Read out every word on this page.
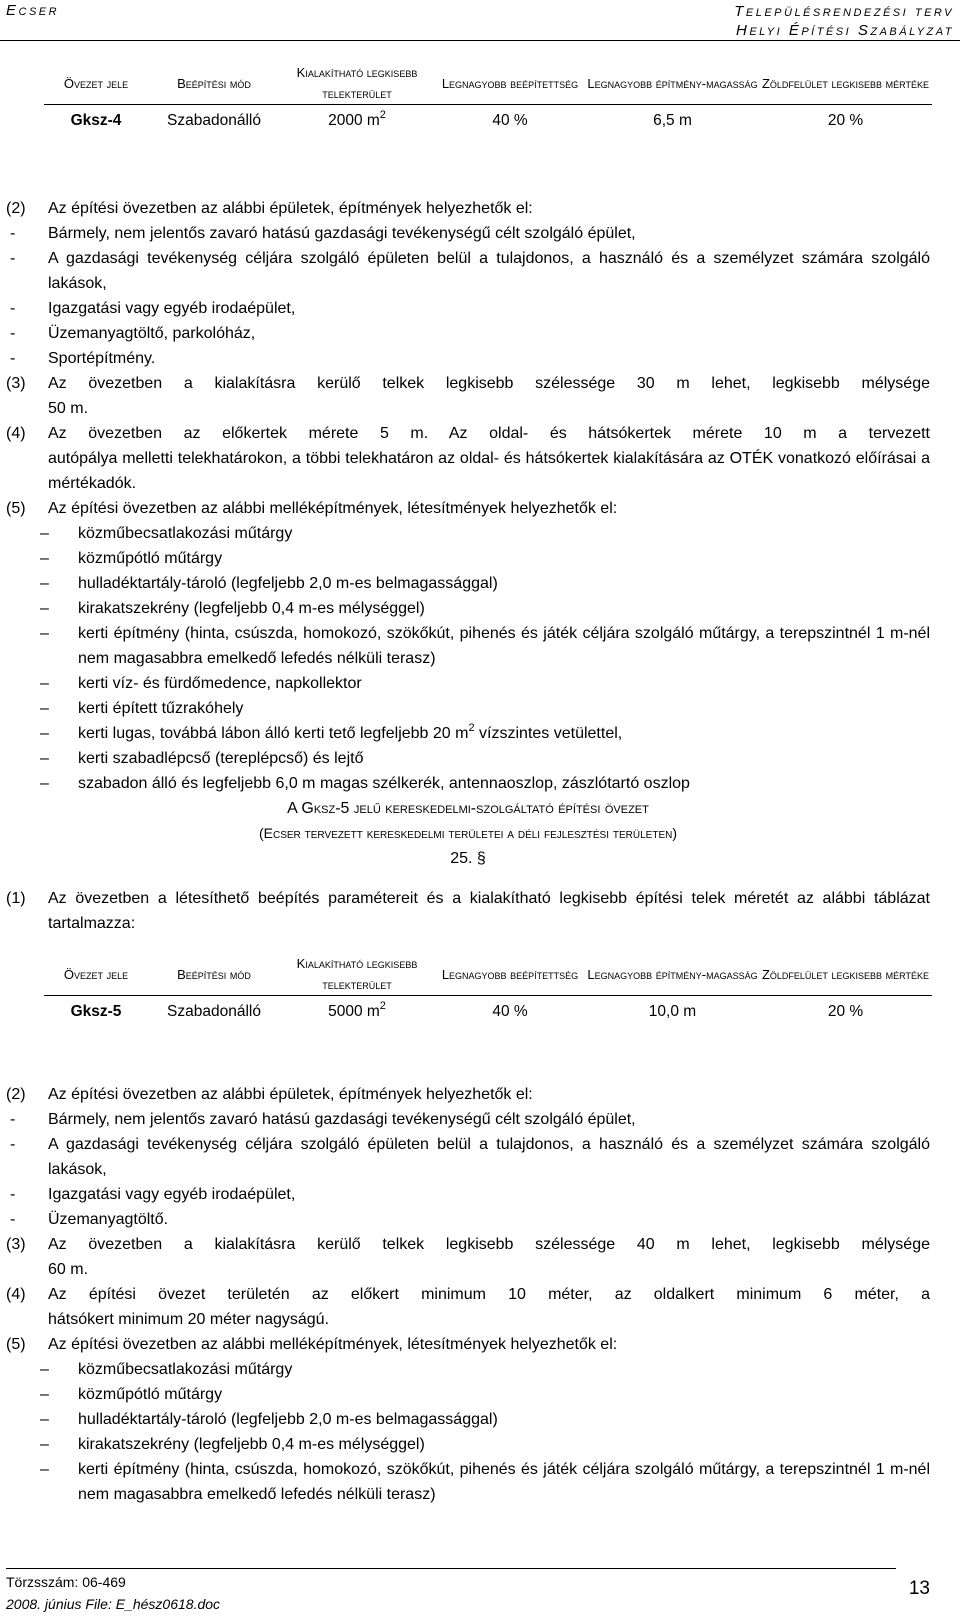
Ecser	Településrendezési terv
Helyi Építési Szabályzat
Övezet jele	Beépítési mód	Kialakítható legkisebb telekterület	Legnagyobb beépítettség	Legnagyobb építmény-magasság	Zöldfelület legkisebb mértéke
Gksz-4	Szabadonálló	2000 $m^2$	40 %	6,5 m	20 %
(2)	Az építési övezetben az alábbi épületek, építmények helyezhetők el:
-	Bármely, nem jelentős zavaró hatású gazdasági tevékenységű célt szolgáló épület,
-	A gazdasági tevékenység céljára szolgáló épületen belül a tulajdonos, a használó és a személyzet számára szolgáló lakások,
-	Igazgatási vagy egyéb irodaépület,
-	Üzemanyagtöltő, parkolóház,
-	Sportépítmény.
(3)	Az övezetben a kialakításra kerülő telkek legkisebb szélessége 30 m lehet, legkisebb mélysége
50 m.
(4)	Az övezetben az előkertek mérete 5 m. Az oldal- és hátsókertek mérete 10 m a tervezett
autópálya melletti telekhatárokon, a többi telekhatáron az oldal- és hátsókertek kialakítására az OTÉK vonatkozó előírásai a mértékadók.
(5)	Az építési övezetben az alábbi melléképítmények, létesítmények helyezhetők el:
–	közműbecsatlakozási műtárgy
–	közműpótló műtárgy
–	hulladéktartály-tároló (legfeljebb 2,0 m-es belmagassággal)
–	kirakatszekrény (legfeljebb 0,4 m-es mélységgel)
–	kerti építmény (hinta, csúszda, homokozó, szökőkút, pihenés és játék céljára szolgáló műtárgy, a terepszintnél 1 m-nél nem magasabbra emelkedő lefedés nélküli terasz)
–	kerti víz- és fürdőmedence, napkollektor
–	kerti épített tűzrakóhely
–	kerti lugas, továbbá lábon álló kerti tető legfeljebb 20 $m^2$ vízszintes vetülettel,
–	kerti szabadlépcső (tereplépcső) és lejtő
–	szabadon álló és legfeljebb 6,0 m magas szélkerék, antennaoszlop, zászlótartó oszlop
A Gksz-5 jelű kereskedelmi-szolgáltató építési övezet
(Ecser tervezett kereskedelmi területei a déli fejlesztési területen)
25. §
(1)	Az övezetben a létesíthető beépítés paramétereit és a kialakítható legkisebb építési telek méretét az alábbi táblázat tartalmazza:
Övezet jele	Beépítési mód	Kialakítható legkisebb telekterület	Legnagyobb beépítettség	Legnagyobb építmény-magasság	Zöldfelület legkisebb mértéke
Gksz-5	Szabadonálló	5000 $m^2$	40 %	10,0 m	20 %
(2)	Az építési övezetben az alábbi épületek, építmények helyezhetők el:
-	Bármely, nem jelentős zavaró hatású gazdasági tevékenységű célt szolgáló épület,
-	A gazdasági tevékenység céljára szolgáló épületen belül a tulajdonos, a használó és a személyzet számára szolgáló lakások,
-	Igazgatási vagy egyéb irodaépület,
-	Üzemanyagtöltő.
(3)	Az övezetben a kialakításra kerülő telkek legkisebb szélessége 40 m lehet, legkisebb mélysége
60 m.
(4)	Az építési övezet területén az előkert minimum 10 méter, az oldalkert minimum 6 méter, a
hátsókert minimum 20 méter nagyságú.
(5)	Az építési övezetben az alábbi melléképítmények, létesítmények helyezhetők el:
–	közműbecsatlakozási műtárgy
–	közműpótló műtárgy
–	hulladéktartály-tároló (legfeljebb 2,0 m-es belmagassággal)
–	kirakatszekrény (legfeljebb 0,4 m-es mélységgel)
–	kerti építmény (hinta, csúszda, homokozó, szökőkút, pihenés és játék céljára szolgáló műtárgy, a terepszintnél 1 m-nél nem magasabbra emelkedő lefedés nélküli terasz)
Törzsszám: 06-469
2008. június File: E_hész0618.doc
13
